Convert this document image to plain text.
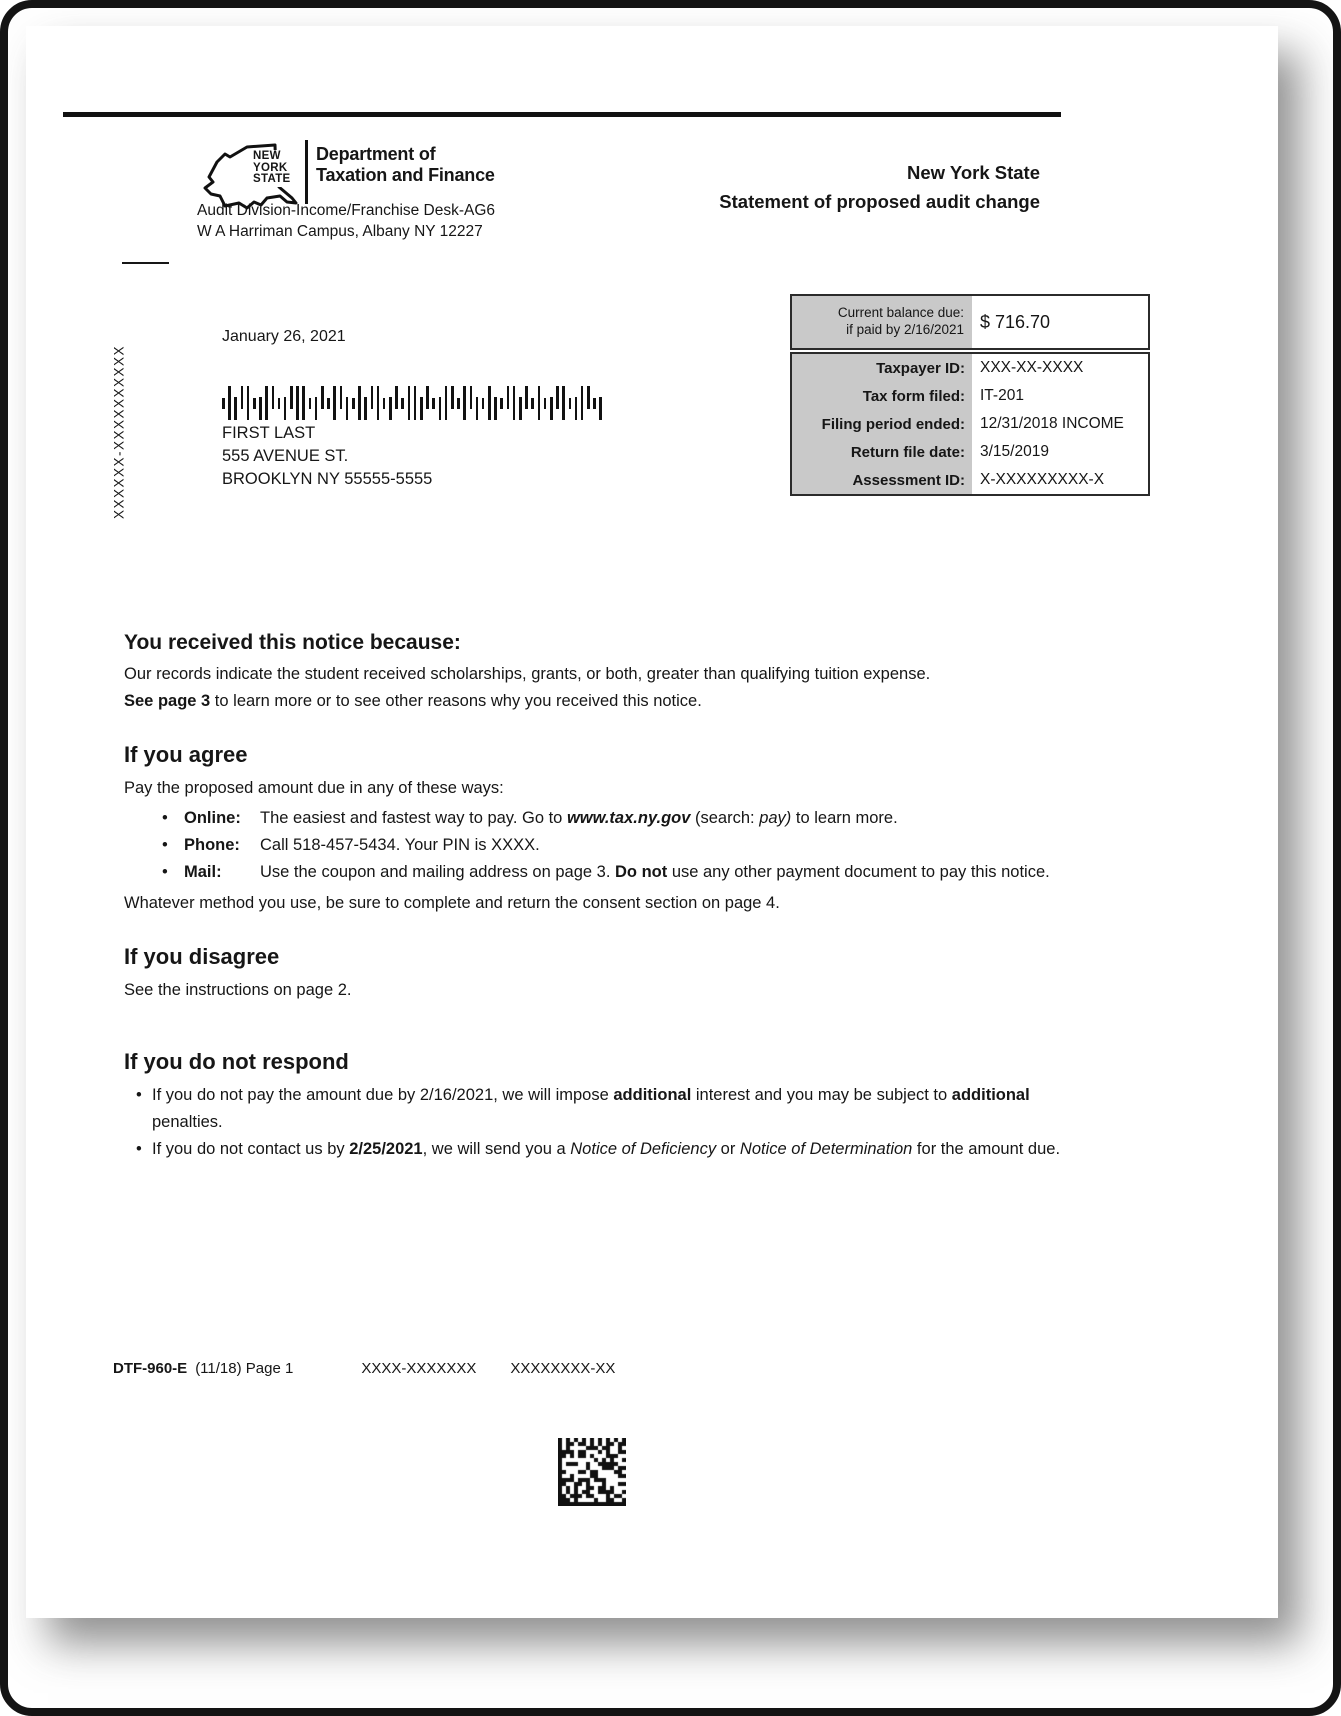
NEW
YORK
STATE
Department of
Taxation and Finance
Audit Division-Income/Franchise Desk-AG6
W A Harriman Campus, Albany NY 12227
New York State
Statement of proposed audit change
January 26, 2021
XXXXXX-XXXXXXXXXX	FIRST LAST
555 AVENUE ST.
BROOKLYN NY 55555-5555
Current balance due:
if paid by 2/16/2021 $ 716.70
Taxpayer ID: XXX-XX-XXXX
Tax form filed: IT-201
Filing period ended: 12/31/2018 INCOME
Return file date: 3/15/2019
Assessment ID: X-XXXXXXXXX-X
You received this notice because:

Our records indicate the student received scholarships, grants, or both, greater than qualifying tuition expense.

See page 3 to learn more or to see other reasons why you received this notice.

If you agree

Pay the proposed amount due in any of these ways:

• Online:	The easiest and fastest way to pay. Go to www.tax.ny.gov (search: pay) to learn more.
• Phone:	Call 518-457-5434. Your PIN is XXXX.
• Mail:	Use the coupon and mailing address on page 3. Do not use any other payment document to pay this notice.

Whatever method you use, be sure to complete and return the consent section on page 4.

If you disagree

See the instructions on page 2.

If you do not respond
• If you do not pay the amount due by 2/16/2021, we will impose additional interest and you may be subject to additional penalties.
• If you do not contact us by 2/25/2021, we will send you a Notice of Deficiency or Notice of Determination for the amount due.
DTF-960-E (11/18) Page 1	XXXX-XXXXXXX XXXXXXXX-XX
